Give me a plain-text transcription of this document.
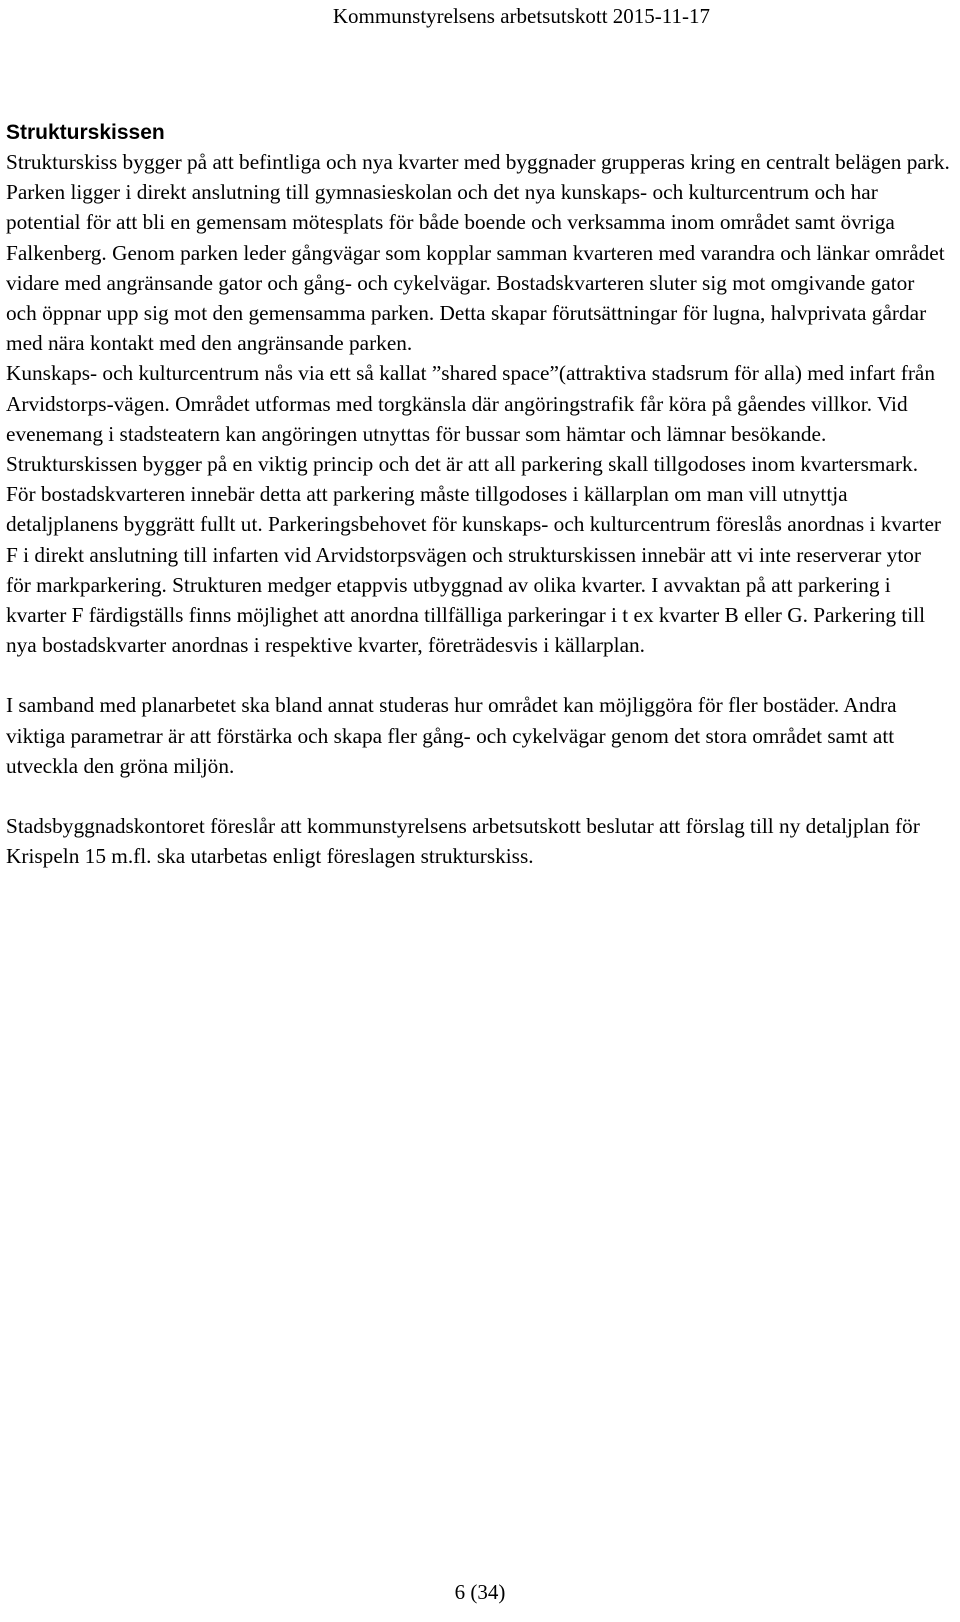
Kommunstyrelsens arbetsutskott 2015-11-17
Strukturskissen

Strukturskiss bygger på att befintliga och nya kvarter med byggnader grupperas kring en centralt belägen park. Parken ligger i direkt anslutning till gymnasieskolan och det nya kunskaps- och kulturcentrum och har potential för att bli en gemensam mötesplats för både boende och verksamma inom området samt övriga Falkenberg. Genom parken leder gångvägar som kopplar samman kvarteren med varandra och länkar området vidare med angränsande gator och gång- och cykelvägar. Bostadskvarteren sluter sig mot omgivande gator och öppnar upp sig mot den gemensamma parken. Detta skapar förutsättningar för lugna, halvprivata gårdar med nära kontakt med den angränsande parken.

Kunskaps- och kulturcentrum nås via ett så kallat ”shared space”(attraktiva stadsrum för alla) med infart från Arvidstorps-vägen. Området utformas med torgkänsla där angöringstrafik får köra på gåendes villkor. Vid evenemang i stadsteatern kan angöringen utnyttas för bussar som hämtar och lämnar besökande.

Strukturskissen bygger på en viktig princip och det är att all parkering skall tillgodoses inom kvartersmark. För bostadskvarteren innebär detta att parkering måste tillgodoses i källarplan om man vill utnyttja detaljplanens byggrätt fullt ut. Parkeringsbehovet för kunskaps- och kulturcentrum föreslås anordnas i kvarter F i direkt anslutning till infarten vid Arvidstorpsvägen och strukturskissen innebär att vi inte reserverar ytor för markparkering. Strukturen medger etappvis utbyggnad av olika kvarter. I avvaktan på att parkering i kvarter F färdigställs finns möjlighet att anordna tillfälliga parkeringar i t ex kvarter B eller G. Parkering till nya bostadskvarter anordnas i respektive kvarter, företrädesvis i källarplan.

I samband med planarbetet ska bland annat studeras hur området kan möjliggöra för fler bostäder. Andra viktiga parametrar är att förstärka och skapa fler gång- och cykelvägar genom det stora området samt att utveckla den gröna miljön.

Stadsbyggnadskontoret föreslår att kommunstyrelsens arbetsutskott beslutar att förslag till ny detaljplan för Krispeln 15 m.fl. ska utarbetas enligt föreslagen strukturskiss.

6 (34)
